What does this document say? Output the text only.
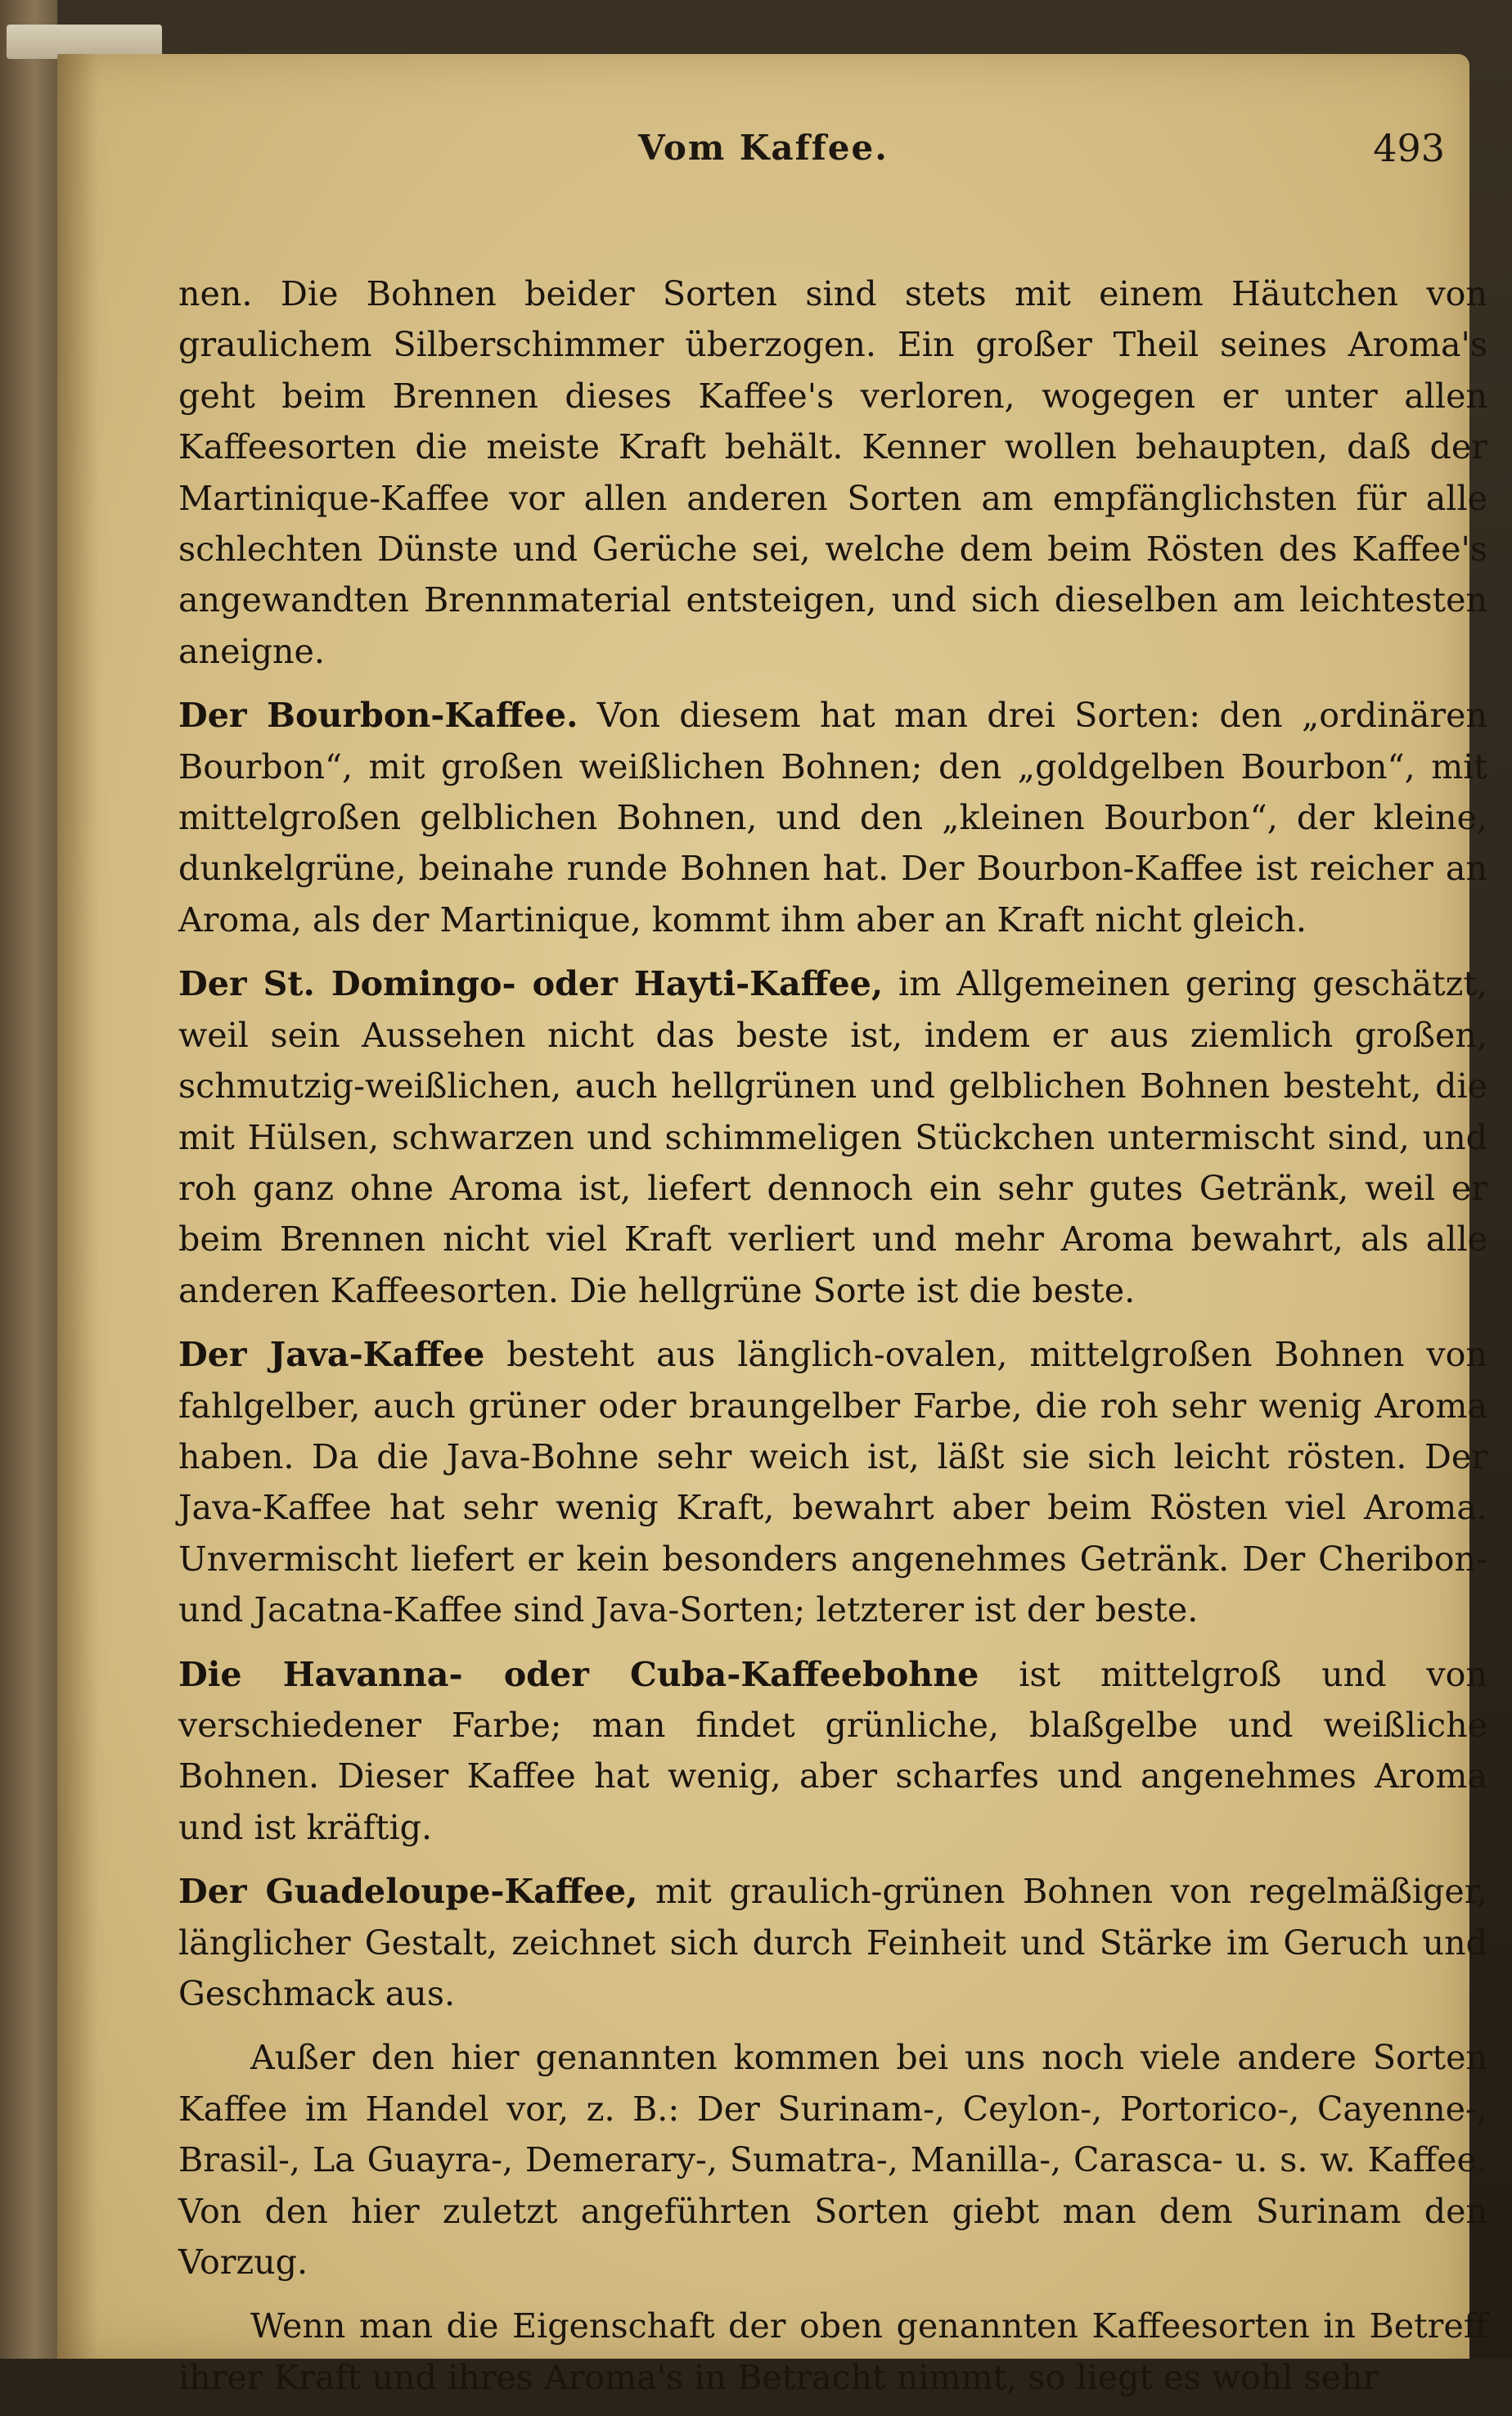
Vom Kaffee.	493

nen. Die Bohnen beider Sorten sind stets mit einem Häutchen von graulichem Silberschimmer überzogen. Ein großer Theil seines Aroma's geht beim Brennen dieses Kaffee's verloren, wogegen er unter allen Kaffeesorten die meiste Kraft behält. Kenner wollen behaupten, daß der Martinique-Kaffee vor allen anderen Sorten am empfänglichsten für alle schlechten Dünste und Gerüche sei, welche dem beim Rösten des Kaffee's angewandten Brennmaterial entsteigen, und sich dieselben am leichtesten aneigne.

Der Bourbon-Kaffee. Von diesem hat man drei Sorten: den „ordinären Bourbon“, mit großen weißlichen Bohnen; den „goldgelben Bourbon“, mit mittelgroßen gelblichen Bohnen, und den „kleinen Bourbon“, der kleine, dunkelgrüne, beinahe runde Bohnen hat. Der Bourbon-Kaffee ist reicher an Aroma, als der Martinique, kommt ihm aber an Kraft nicht gleich.

Der St. Domingo- oder Hayti-Kaffee, im Allgemeinen gering geschätzt, weil sein Aussehen nicht das beste ist, indem er aus ziemlich großen, schmutzig-weißlichen, auch hellgrünen und gelblichen Bohnen besteht, die mit Hülsen, schwarzen und schimmeligen Stückchen untermischt sind, und roh ganz ohne Aroma ist, liefert dennoch ein sehr gutes Getränk, weil er beim Brennen nicht viel Kraft verliert und mehr Aroma bewahrt, als alle anderen Kaffeesorten. Die hellgrüne Sorte ist die beste.

Der Java-Kaffee besteht aus länglich-ovalen, mittelgroßen Bohnen von fahlgelber, auch grüner oder braungelber Farbe, die roh sehr wenig Aroma haben. Da die Java-Bohne sehr weich ist, läßt sie sich leicht rösten. Der Java-Kaffee hat sehr wenig Kraft, bewahrt aber beim Rösten viel Aroma. Unvermischt liefert er kein besonders angenehmes Getränk. Der Cheribon- und Jacatna-Kaffee sind Java-Sorten; letzterer ist der beste.

Die Havanna- oder Cuba-Kaffeebohne ist mittelgroß und von verschiedener Farbe; man findet grünliche, blaßgelbe und weißliche Bohnen. Dieser Kaffee hat wenig, aber scharfes und angenehmes Aroma und ist kräftig.

Der Guadeloupe-Kaffee, mit graulich-grünen Bohnen von regelmäßiger, länglicher Gestalt, zeichnet sich durch Feinheit und Stärke im Geruch und Geschmack aus.

Außer den hier genannten kommen bei uns noch viele andere Sorten Kaffee im Handel vor, z. B.: Der Surinam-, Ceylon-, Portorico-, Cayenne-, Brasil-, La Guayra-, Demerary-, Sumatra-, Manilla-, Carasca- u. s. w. Kaffee. Von den hier zuletzt angeführten Sorten giebt man dem Surinam den Vorzug.

Wenn man die Eigenschaft der oben genannten Kaffeesorten in Betreff ihrer Kraft und ihres Aroma's in Betracht nimmt, so liegt es wohl sehr
